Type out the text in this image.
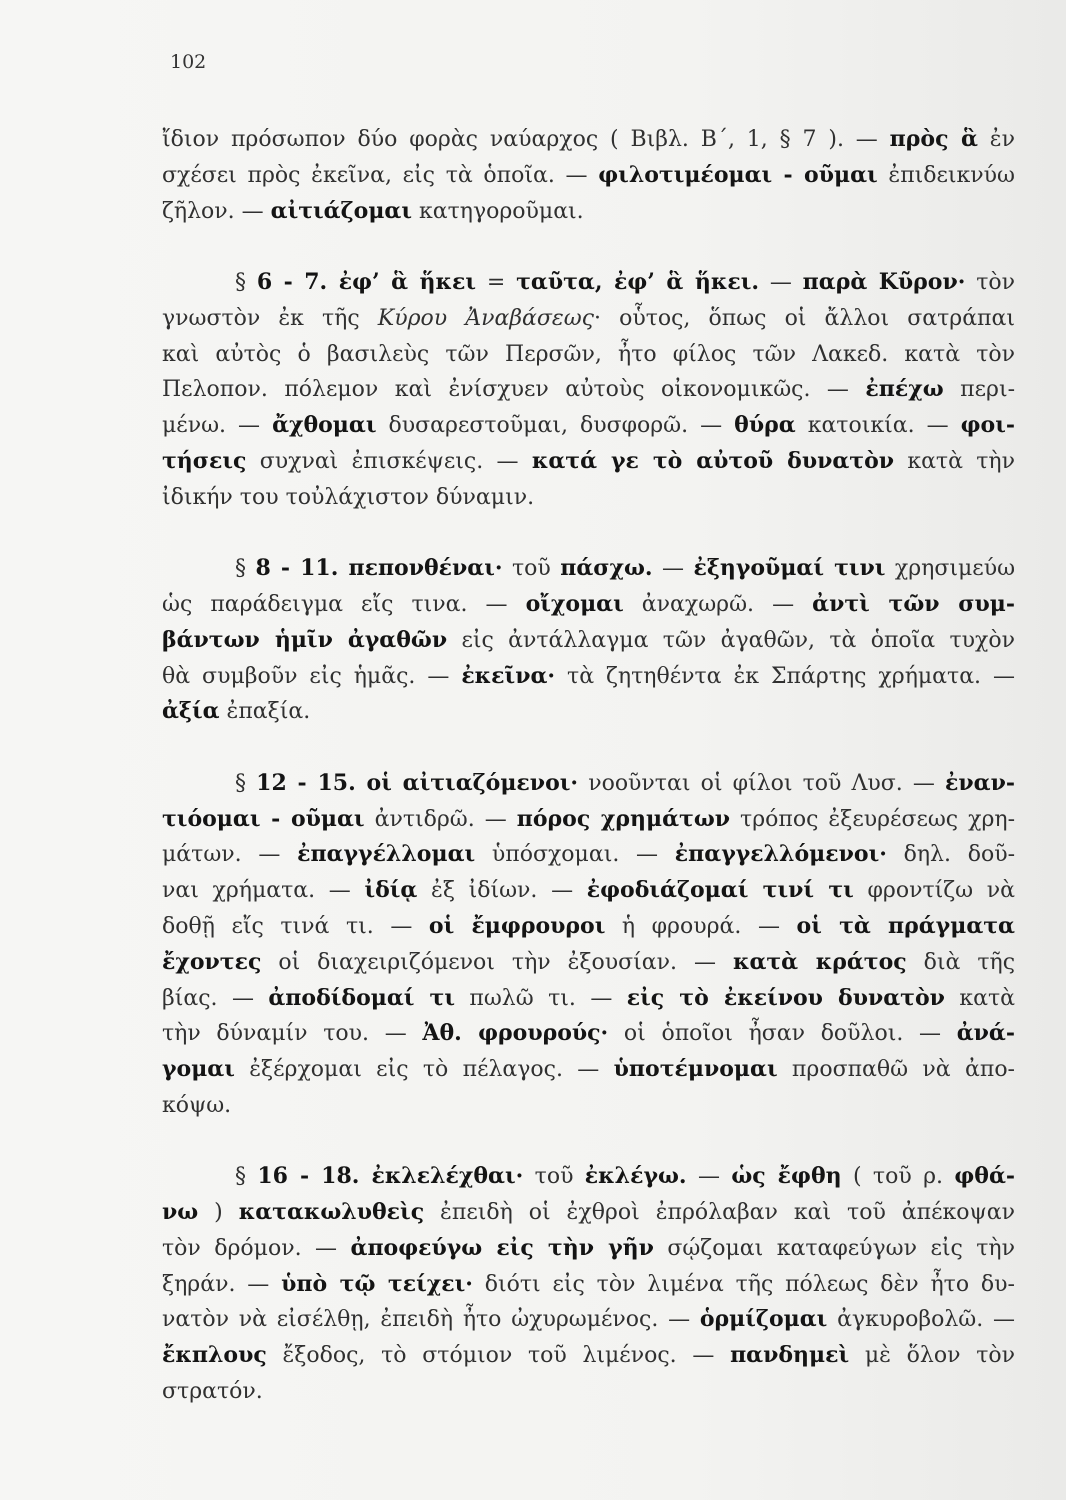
102
ἴδιον πρόσωπον δύο φορὰς ναύαρχος ( Βιβλ. Β΄, 1, § 7 ). — πρὸς ἃ ἐν
σχέσει πρὸς ἐκεῖνα, εἰς τὰ ὁποῖα. — φιλοτιμέομαι - οῦμαι ἐπιδεικνύω
ζῆλον. — αἰτιάζομαι κατηγοροῦμαι.
§ 6 - 7. ἐφ’ ἃ ἥκει = ταῦτα, ἐφ’ ἃ ἥκει. — παρὰ Κῦρον· τὸν
γνωστὸν ἐκ τῆς Κύρου Ἀναβάσεως· οὗτος, ὅπως οἱ ἄλλοι σατράπαι
καὶ αὐτὸς ὁ βασιλεὺς τῶν Περσῶν, ἦτο φίλος τῶν Λακεδ. κατὰ τὸν
Πελοπον. πόλεμον καὶ ἐνίσχυεν αὐτοὺς οἰκονομικῶς. — ἐπέχω περι-
μένω. — ἄχθομαι δυσαρεστοῦμαι, δυσφορῶ. — θύρα κατοικία. — φοι-
τήσεις συχναὶ ἐπισκέψεις. — κατά γε τὸ αὐτοῦ δυνατὸν κατὰ τὴν
ἰδικήν του τοὐλάχιστον δύναμιν.
§ 8 - 11. πεπονθέναι· τοῦ πάσχω. — ἐξηγοῦμαί τινι χρησιμεύω
ὡς παράδειγμα εἴς τινα. — οἴχομαι ἀναχωρῶ. — ἀντὶ τῶν συμ-
βάντων ἡμῖν ἀγαθῶν εἰς ἀντάλλαγμα τῶν ἀγαθῶν, τὰ ὁποῖα τυχὸν
θὰ συμβοῦν εἰς ἡμᾶς. — ἐκεῖνα· τὰ ζητηθέντα ἐκ Σπάρτης χρήματα. —
ἀξία ἐπαξία.
§ 12 - 15. οἱ αἰτιαζόμενοι· νοοῦνται οἱ φίλοι τοῦ Λυσ. — ἐναν-
τιόομαι - οῦμαι ἀντιδρῶ. — πόρος χρημάτων τρόπος ἐξευρέσεως χρη-
μάτων. — ἐπαγγέλλομαι ὑπόσχομαι. — ἐπαγγελλόμενοι· δηλ. δοῦ-
ναι χρήματα. — ἰδίᾳ ἐξ ἰδίων. — ἐφοδιάζομαί τινί τι φροντίζω νὰ
δοθῇ εἴς τινά τι. — οἱ ἔμφρουροι ἡ φρουρά. — οἱ τὰ πράγματα
ἔχοντες οἱ διαχειριζόμενοι τὴν ἐξουσίαν. — κατὰ κράτος διὰ τῆς
βίας. — ἀποδίδομαί τι πωλῶ τι. — εἰς τὸ ἐκείνου δυνατὸν κατὰ
τὴν δύναμίν του. — Ἀθ. φρουρούς· οἱ ὁποῖοι ἦσαν δοῦλοι. — ἀνά-
γομαι ἐξέρχομαι εἰς τὸ πέλαγος. — ὑποτέμνομαι προσπαθῶ νὰ ἀπο-
κόψω.
§ 16 - 18. ἐκλελέχθαι· τοῦ ἐκλέγω. — ὡς ἔφθη ( τοῦ ρ. φθά-
νω ) κατακωλυθεὶς ἐπειδὴ οἱ ἐχθροὶ ἐπρόλαβαν καὶ τοῦ ἀπέκοψαν
τὸν δρόμον. — ἀποφεύγω εἰς τὴν γῆν σῴζομαι καταφεύγων εἰς τὴν
ξηράν. — ὑπὸ τῷ τείχει· διότι εἰς τὸν λιμένα τῆς πόλεως δὲν ἦτο δυ-
νατὸν νὰ εἰσέλθῃ, ἐπειδὴ ἦτο ὠχυρωμένος. — ὁρμίζομαι ἀγκυροβολῶ. —
ἔκπλους ἔξοδος, τὸ στόμιον τοῦ λιμένος. — πανδημεὶ μὲ ὅλον τὸν
στρατόν.
